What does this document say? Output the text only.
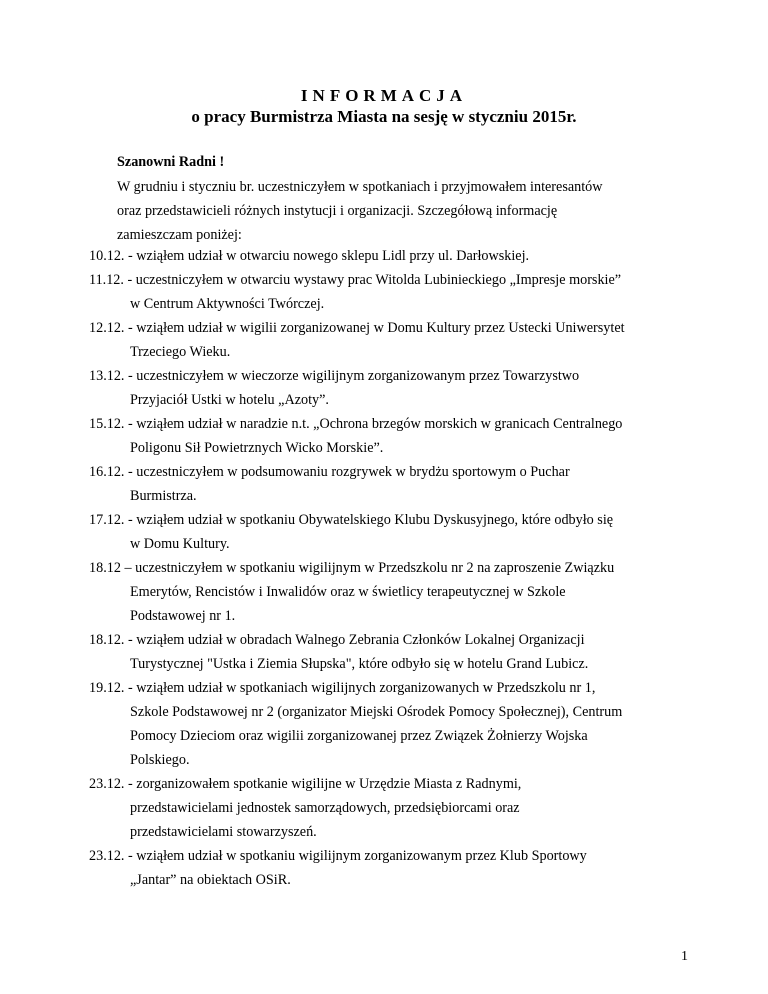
INFORMACJA
o pracy Burmistrza Miasta na sesję w styczniu 2015r.
Szanowni Radni !
W grudniu i styczniu br. uczestniczyłem w spotkaniach i przyjmowałem interesantów
oraz przedstawicieli różnych instytucji i organizacji. Szczegółową informację
zamieszczam poniżej:
10.12. - wziąłem udział w otwarciu nowego sklepu Lidl przy ul. Darłowskiej.
11.12. - uczestniczyłem w otwarciu wystawy prac Witolda Lubinieckiego „Impresje morskie”
w Centrum Aktywności Twórczej.
12.12. - wziąłem udział w wigilii zorganizowanej w Domu Kultury przez Ustecki Uniwersytet
Trzeciego Wieku.
13.12. - uczestniczyłem w wieczorze wigilijnym zorganizowanym przez Towarzystwo
Przyjaciół Ustki w hotelu „Azoty”.
15.12. - wziąłem udział w naradzie n.t. „Ochrona brzegów morskich w granicach Centralnego
Poligonu Sił Powietrznych Wicko Morskie”.
16.12. - uczestniczyłem w podsumowaniu rozgrywek w brydżu sportowym o Puchar
Burmistrza.
17.12. - wziąłem udział w spotkaniu Obywatelskiego Klubu Dyskusyjnego, które odbyło się
w Domu Kultury.
18.12 – uczestniczyłem w spotkaniu wigilijnym w Przedszkolu nr 2 na zaproszenie Związku
Emerytów, Rencistów i Inwalidów oraz w świetlicy terapeutycznej w Szkole
Podstawowej nr 1.
18.12. - wziąłem udział w obradach Walnego Zebrania Członków Lokalnej Organizacji
Turystycznej "Ustka i Ziemia Słupska", które odbyło się w hotelu Grand Lubicz.
19.12. - wziąłem udział w spotkaniach wigilijnych zorganizowanych w Przedszkolu nr 1,
Szkole Podstawowej nr 2 (organizator Miejski Ośrodek Pomocy Społecznej), Centrum
Pomocy Dzieciom oraz wigilii zorganizowanej przez Związek Żołnierzy Wojska
Polskiego.
23.12. - zorganizowałem spotkanie wigilijne w Urzędzie Miasta z Radnymi,
przedstawicielami jednostek samorządowych, przedsiębiorcami oraz
przedstawicielami stowarzyszeń.
23.12. - wziąłem udział w spotkaniu wigilijnym zorganizowanym przez Klub Sportowy
„Jantar” na obiektach OSiR.
1
